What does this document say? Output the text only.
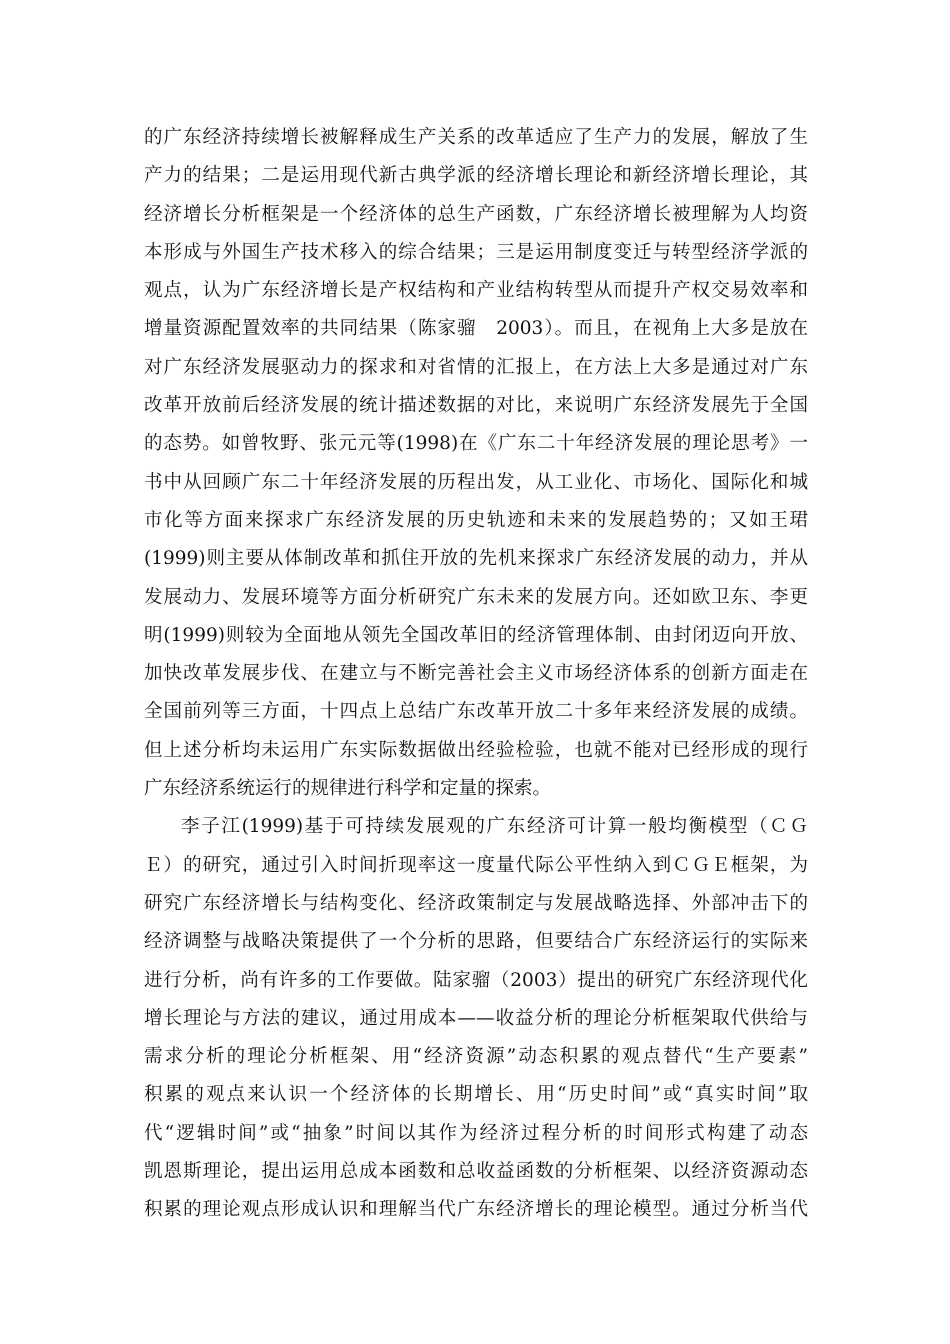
的广东经济持续增长被解释成生产关系的改革适应了生产力的发展，解放了生
产力的结果；二是运用现代新古典学派的经济增长理论和新经济增长理论，其
经济增长分析框架是一个经济体的总生产函数，广东经济增长被理解为人均资
本形成与外国生产技术移入的综合结果；三是运用制度变迁与转型经济学派的
观点，认为广东经济增长是产权结构和产业结构转型从而提升产权交易效率和
增量资源配置效率的共同结果（陈家骝　2003）。而且，在视角上大多是放在
对广东经济发展驱动力的探求和对省情的汇报上，在方法上大多是通过对广东
改革开放前后经济发展的统计描述数据的对比，来说明广东经济发展先于全国
的态势。如曾牧野、张元元等(1998)在《广东二十年经济发展的理论思考》一
书中从回顾广东二十年经济发展的历程出发，从工业化、市场化、国际化和城
市化等方面来探求广东经济发展的历史轨迹和未来的发展趋势的；又如王珺
(1999)则主要从体制改革和抓住开放的先机来探求广东经济发展的动力，并从
发展动力、发展环境等方面分析研究广东未来的发展方向。还如欧卫东、李更
明(1999)则较为全面地从领先全国改革旧的经济管理体制、由封闭迈向开放、
加快改革发展步伐、在建立与不断完善社会主义市场经济体系的创新方面走在
全国前列等三方面，十四点上总结广东改革开放二十多年来经济发展的成绩。
但上述分析均未运用广东实际数据做出经验检验，也就不能对已经形成的现行
广东经济系统运行的规律进行科学和定量的探索。
李子江(1999)基于可持续发展观的广东经济可计算一般均衡模型（ＣＧ
Ｅ）的研究，通过引入时间折现率这一度量代际公平性纳入到ＣＧＥ框架，为
研究广东经济增长与结构变化、经济政策制定与发展战略选择、外部冲击下的
经济调整与战略决策提供了一个分析的思路，但要结合广东经济运行的实际来
进行分析，尚有许多的工作要做。陆家骝（2003）提出的研究广东经济现代化
增长理论与方法的建议，通过用成本——收益分析的理论分析框架取代供给与
需求分析的理论分析框架、用“经济资源”动态积累的观点替代“生产要素”
积累的观点来认识一个经济体的长期增长、用“历史时间”或“真实时间”取
代“逻辑时间”或“抽象”时间以其作为经济过程分析的时间形式构建了动态
凯恩斯理论，提出运用总成本函数和总收益函数的分析框架、以经济资源动态
积累的理论观点形成认识和理解当代广东经济增长的理论模型。通过分析当代
